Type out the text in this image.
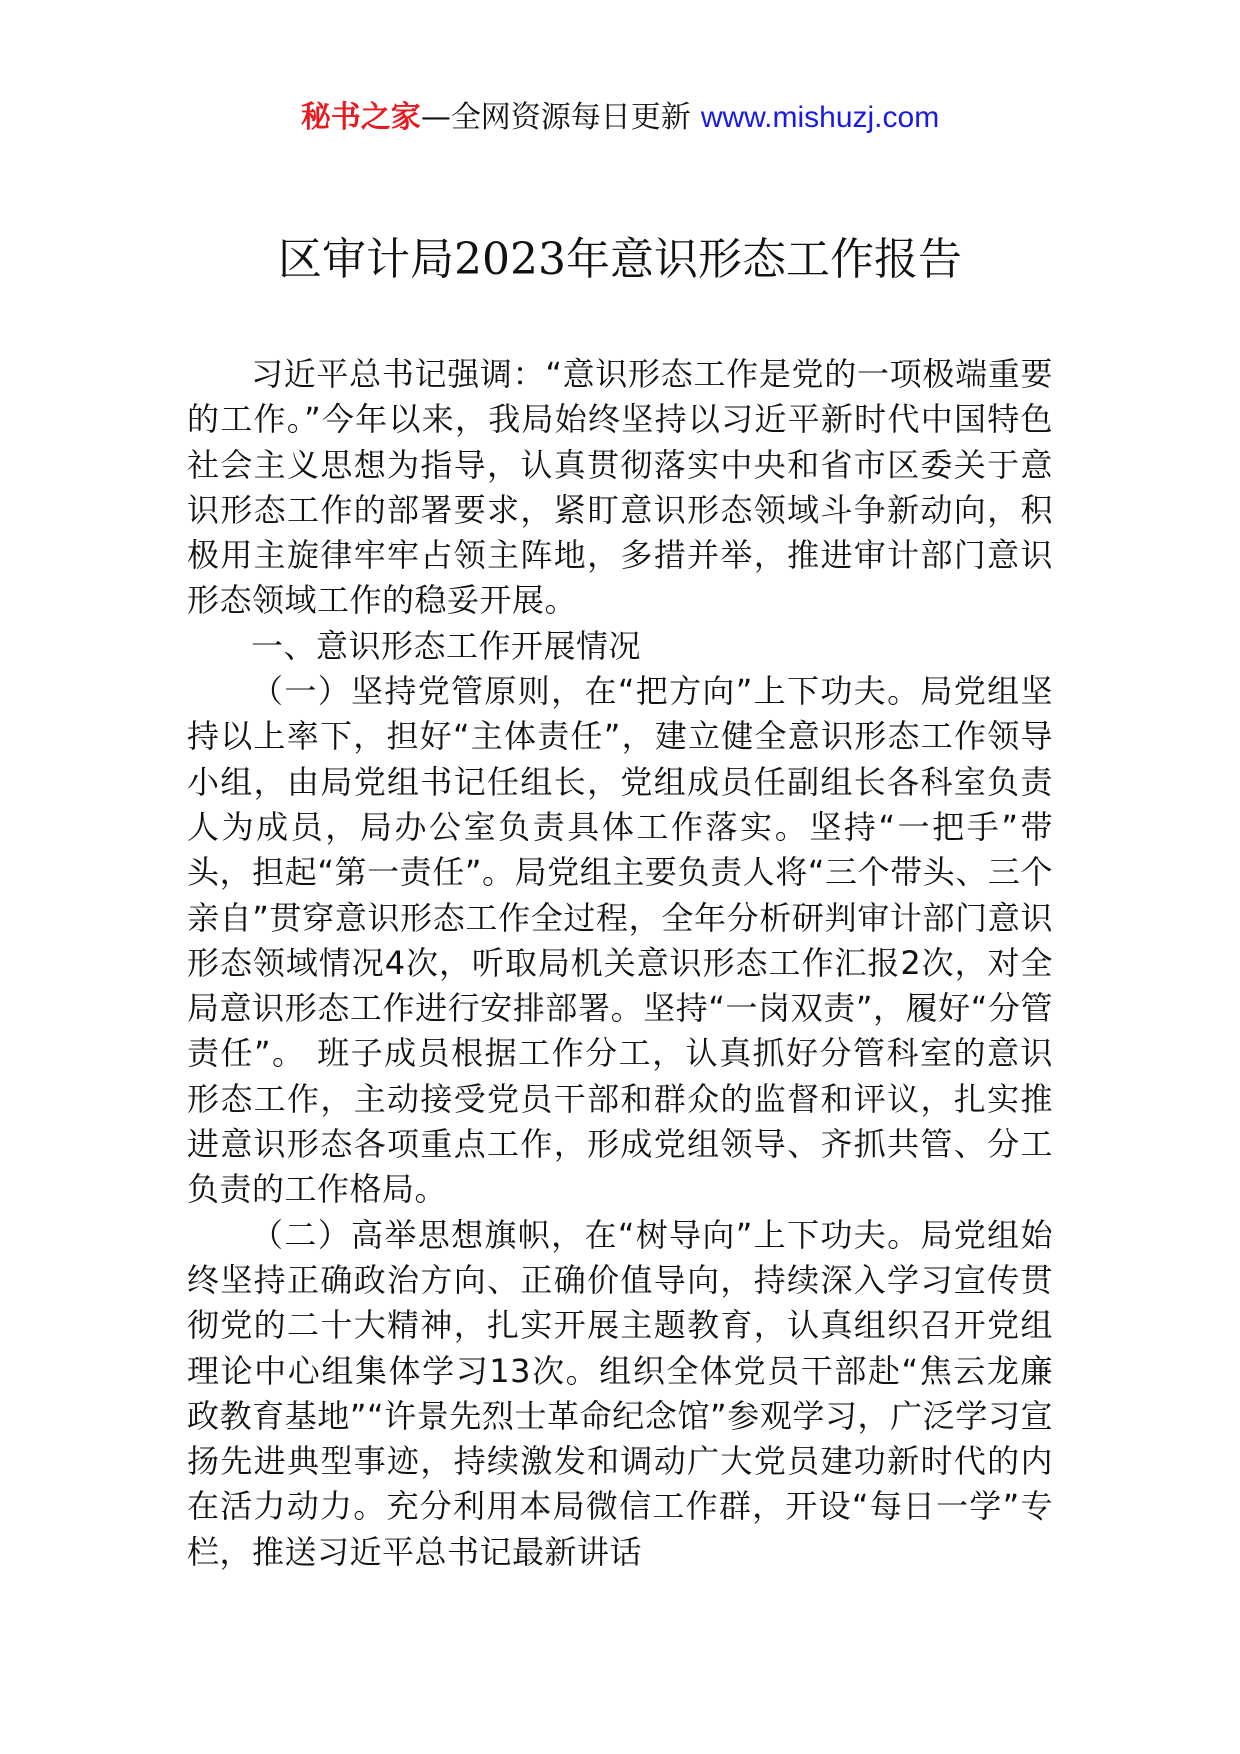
秘书之家—全网资源每日更新 www.mishuzj.com
区审计局2023年意识形态工作报告

习近平总书记强调：“意识形态工作是党的一项极端重要的工作。”今年以来，我局始终坚持以习近平新时代中国特色社会主义思想为指导，认真贯彻落实中央和省市区委关于意识形态工作的部署要求，紧盯意识形态领域斗争新动向，积极用主旋律牢牢占领主阵地，多措并举，推进审计部门意识形态领域工作的稳妥开展。

一、意识形态工作开展情况

（一）坚持党管原则，在“把方向”上下功夫。局党组坚持以上率下，担好“主体责任”，建立健全意识形态工作领导小组，由局党组书记任组长，党组成员任副组长各科室负责人为成员，局办公室负责具体工作落实。坚持“一把手”带头，担起“第一责任”。局党组主要负责人将“三个带头、三个亲自”贯穿意识形态工作全过程，全年分析研判审计部门意识形态领域情况4次，听取局机关意识形态工作汇报2次，对全局意识形态工作进行安排部署。坚持“一岗双责”，履好“分管责任”。 班子成员根据工作分工，认真抓好分管科室的意识形态工作，主动接受党员干部和群众的监督和评议，扎实推进意识形态各项重点工作，形成党组领导、齐抓共管、分工负责的工作格局。

（二）高举思想旗帜，在“树导向”上下功夫。局党组始终坚持正确政治方向、正确价值导向，持续深入学习宣传贯彻党的二十大精神，扎实开展主题教育，认真组织召开党组理论中心组集体学习13次。组织全体党员干部赴“焦云龙廉政教育基地”“许景先烈士革命纪念馆”参观学习，广泛学习宣扬先进典型事迹，持续激发和调动广大党员建功新时代的内在活力动力。充分利用本局微信工作群，开设“每日一学”专栏，推送习近平总书记最新讲话
